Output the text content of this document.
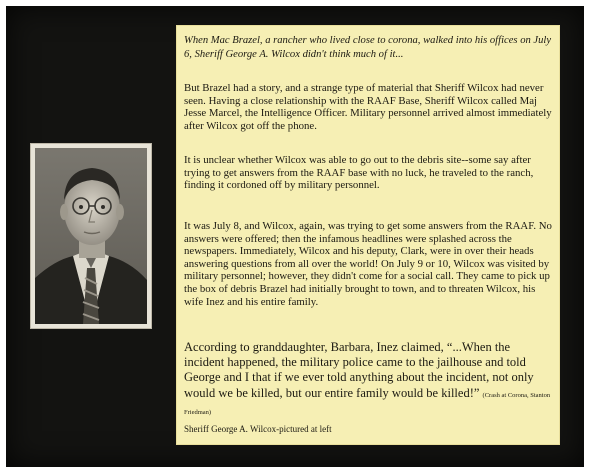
When Mac Brazel, a rancher who lived close to corona, walked into his offices on July 6, Sheriff George A. Wilcox didn't think much of it...

But Brazel had a story, and a strange type of material that Sheriff Wilcox had never seen. Having a close relationship with the RAAF Base, Sheriff Wilcox called Maj Jesse Marcel, the Intelligence Officer. Military personnel arrived almost immediately after Wilcox got off the phone.

It is unclear whether Wilcox was able to go out to the debris site--some say after trying to get answers from the RAAF base with no luck, he traveled to the ranch, finding it cordoned off by military personnel.

It was July 8, and Wilcox, again, was trying to get some answers from the RAAF. No answers were offered; then the infamous headlines were splashed across the newspapers. Immediately, Wilcox and his deputy, Clark, were in over their heads answering questions from all over the world! On July 9 or 10, Wilcox was visited by military personnel; however, they didn't come for a social call. They came to pick up the box of debris Brazel had initially brought to town, and to threaten Wilcox, his wife Inez and his entire family.

According to granddaughter, Barbara, Inez claimed, “...When the incident happened, the military police came to the jailhouse and told George and I that if we ever told anything about the incident, not only would we be killed, but our entire family would be killed!” (Crash at Corona, Stanton Friedman)

Sheriff George A. Wilcox-pictured at left
